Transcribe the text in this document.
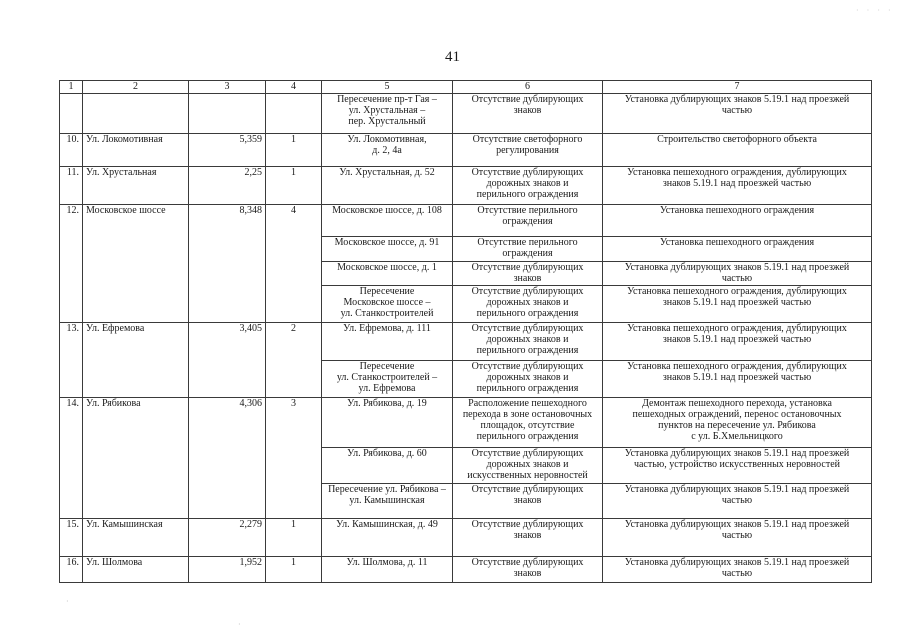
· · · ·
·
·
41
1	2	3	4	5	6	7
				Пересечение пр-т Гая –
ул. Хрустальная –
пер. Хрустальный	Отсутствие дублирующих
знаков	Установка дублирующих знаков 5.19.1 над проезжей
частью
10.	Ул. Локомотивная	5,359	1	Ул. Локомотивная,
д. 2, 4а	Отсутствие светофорного
регулирования	Строительство светофорного объекта
11.	Ул. Хрустальная	2,25	1	Ул. Хрустальная, д. 52	Отсутствие дублирующих
дорожных знаков и
перильного ограждения	Установка пешеходного ограждения, дублирующих
знаков 5.19.1 над проезжей частью
12.	Московское шоссе	8,348	4	Московское шоссе, д. 108	Отсутствие перильного
ограждения	Установка пешеходного ограждения
				Московское шоссе, д. 91	Отсутствие перильного
ограждения	Установка пешеходного ограждения
				Московское шоссе, д. 1	Отсутствие дублирующих
знаков	Установка дублирующих знаков 5.19.1 над проезжей
частью
				Пересечение
Московское шоссе –
ул. Станкостроителей	Отсутствие дублирующих
дорожных знаков и
перильного ограждения	Установка пешеходного ограждения, дублирующих
знаков 5.19.1 над проезжей частью
13.	Ул. Ефремова	3,405	2	Ул. Ефремова, д. 111	Отсутствие дублирующих
дорожных знаков и
перильного ограждения	Установка пешеходного ограждения, дублирующих
знаков 5.19.1 над проезжей частью
				Пересечение
ул. Станкостроителей –
ул. Ефремова	Отсутствие дублирующих
дорожных знаков и
перильного ограждения	Установка пешеходного ограждения, дублирующих
знаков 5.19.1 над проезжей частью
14.	Ул. Рябикова	4,306	3	Ул. Рябикова, д. 19	Расположение пешеходного
перехода в зоне остановочных
площадок, отсутствие
перильного ограждения	Демонтаж пешеходного перехода, установка
пешеходных ограждений, перенос остановочных
пунктов на пересечение ул. Рябикова
с ул. Б.Хмельницкого
				Ул. Рябикова, д. 60	Отсутствие дублирующих
дорожных знаков и
искусственных неровностей	Установка дублирующих знаков 5.19.1 над проезжей
частью, устройство искусственных неровностей
				Пересечение ул. Рябикова –
ул. Камышинская	Отсутствие дублирующих
знаков	Установка дублирующих знаков 5.19.1 над проезжей
частью
15.	Ул. Камышинская	2,279	1	Ул. Камышинская, д. 49	Отсутствие дублирующих
знаков	Установка дублирующих знаков 5.19.1 над проезжей
частью
16.	Ул. Шолмова	1,952	1	Ул. Шолмова, д. 11	Отсутствие дублирующих
знаков	Установка дублирующих знаков 5.19.1 над проезжей
частью
